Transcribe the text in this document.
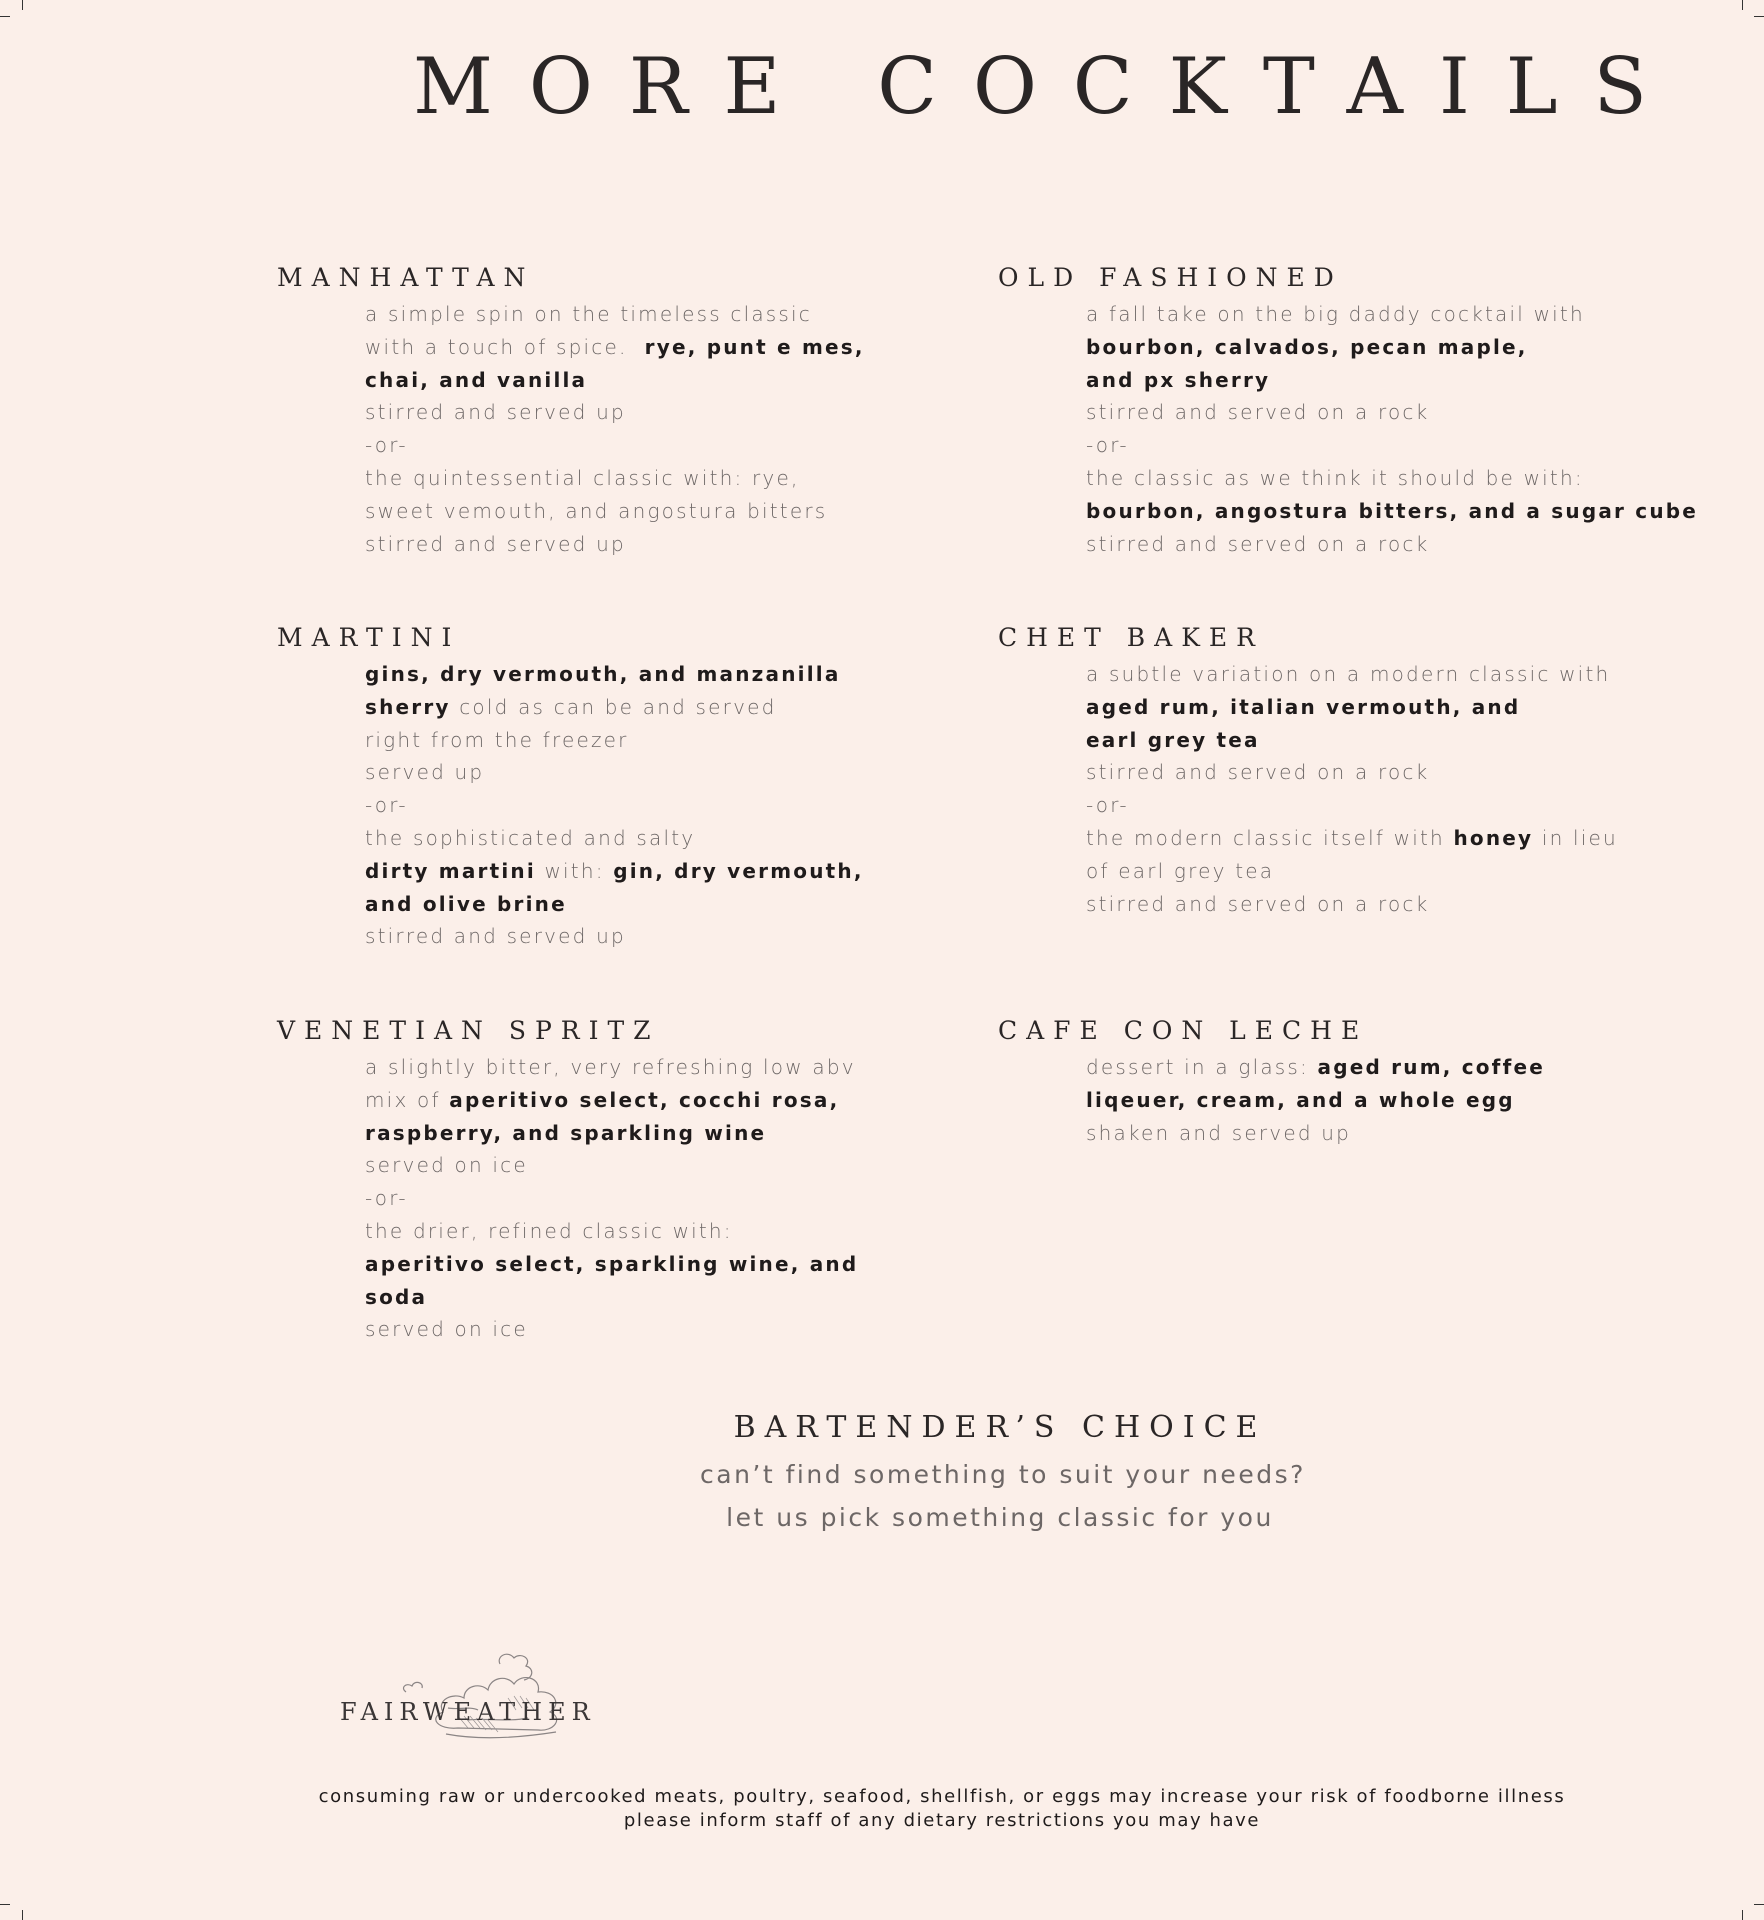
MORE COCKTAILS
MANHATTAN
a simple spin on the timeless classic
with a touch of spice.  rye, punt e mes,
chai, and vanilla
stirred and served up
-or-
the quintessential classic with: rye,
sweet vemouth, and angostura bitters
stirred and served up
OLD FASHIONED
a fall take on the big daddy cocktail with
bourbon, calvados, pecan maple,
and px sherry
stirred and served on a rock
-or-
the classic as we think it should be with:
bourbon, angostura bitters, and a sugar cube
stirred and served on a rock
MARTINI
gins, dry vermouth, and manzanilla
sherry cold as can be and served
right from the freezer
served up
-or-
the sophisticated and salty
dirty martini with: gin, dry vermouth,
and olive brine
stirred and served up
CHET BAKER
a subtle variation on a modern classic with
aged rum, italian vermouth, and
earl grey tea
stirred and served on a rock
-or-
the modern classic itself with honey in lieu
of earl grey tea
stirred and served on a rock
VENETIAN SPRITZ
a slightly bitter, very refreshing low abv
mix of aperitivo select, cocchi rosa,
raspberry, and sparkling wine
served on ice
-or-
the drier, refined classic with:
aperitivo select, sparkling wine, and
soda
served on ice
CAFE CON LECHE
dessert in a glass: aged rum, coffee
liqeuer, cream, and a whole egg
shaken and served up
BARTENDER’S CHOICE
can’t find something to suit your needs?
let us pick something classic for you
FAIRWEATHER
consuming raw or undercooked meats, poultry, seafood, shellfish, or eggs may increase your risk of foodborne illness
please inform staff of any dietary restrictions you may have
